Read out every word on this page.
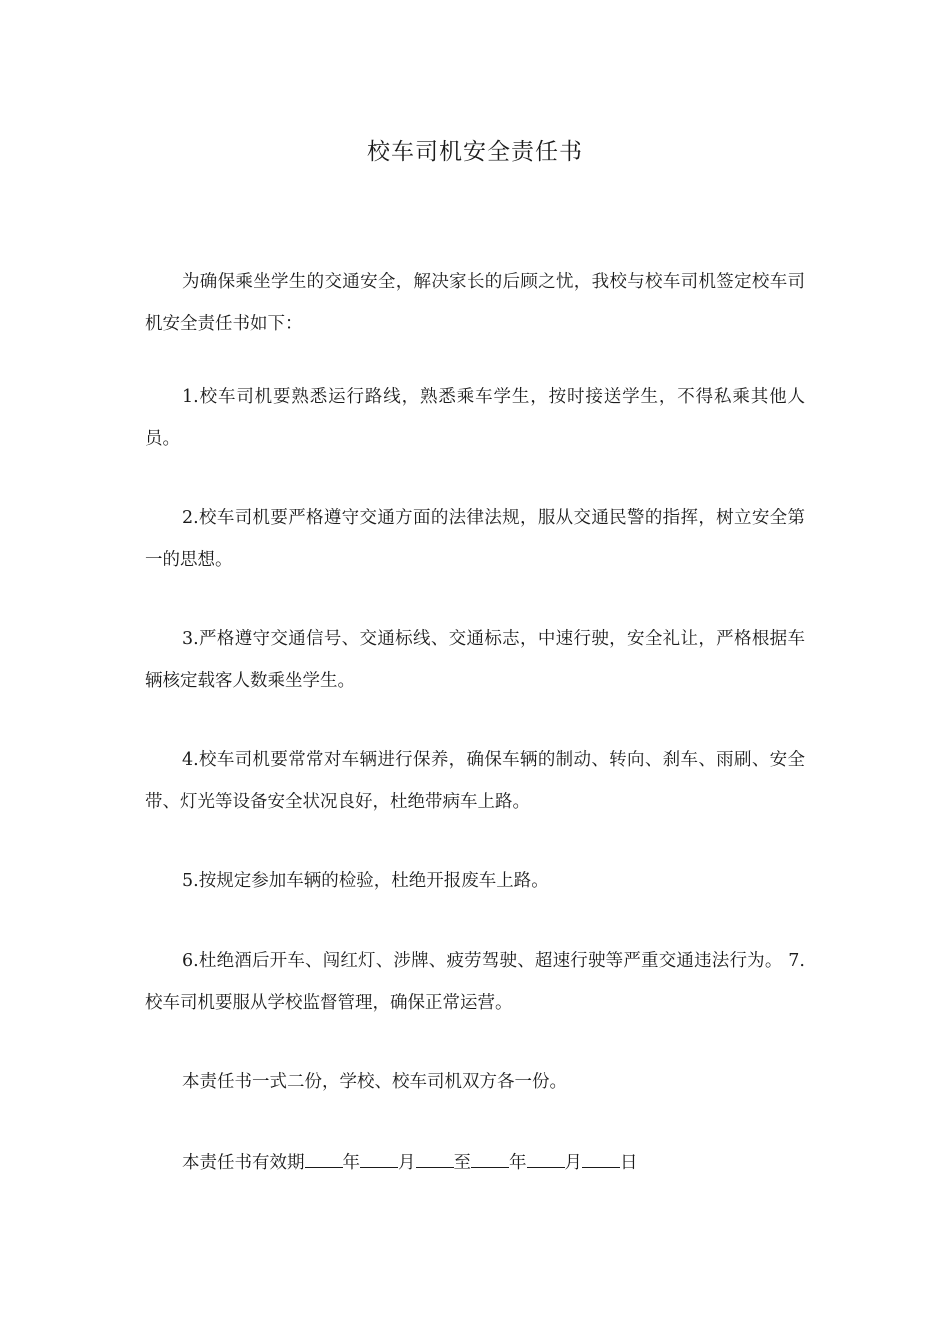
校车司机安全责任书

为确保乘坐学生的交通安全，解决家长的后顾之忧，我校与校车司机签定校车司机安全责任书如下：

1.校车司机要熟悉运行路线，熟悉乘车学生，按时接送学生，不得私乘其他人员。

2.校车司机要严格遵守交通方面的法律法规，服从交通民警的指挥，树立安全第一的思想。

3.严格遵守交通信号、交通标线、交通标志，中速行驶，安全礼让，严格根据车辆核定载客人数乘坐学生。

4.校车司机要常常对车辆进行保养，确保车辆的制动、转向、刹车、雨刷、安全带、灯光等设备安全状况良好，杜绝带病车上路。

5.按规定参加车辆的检验，杜绝开报废车上路。

6.杜绝酒后开车、闯红灯、涉牌、疲劳驾驶、超速行驶等严重交通违法行为。 7. 校车司机要服从学校监督管理，确保正常运营。

本责任书一式二份，学校、校车司机双方各一份。

本责任书有效期 年 月 至 年 月 日
